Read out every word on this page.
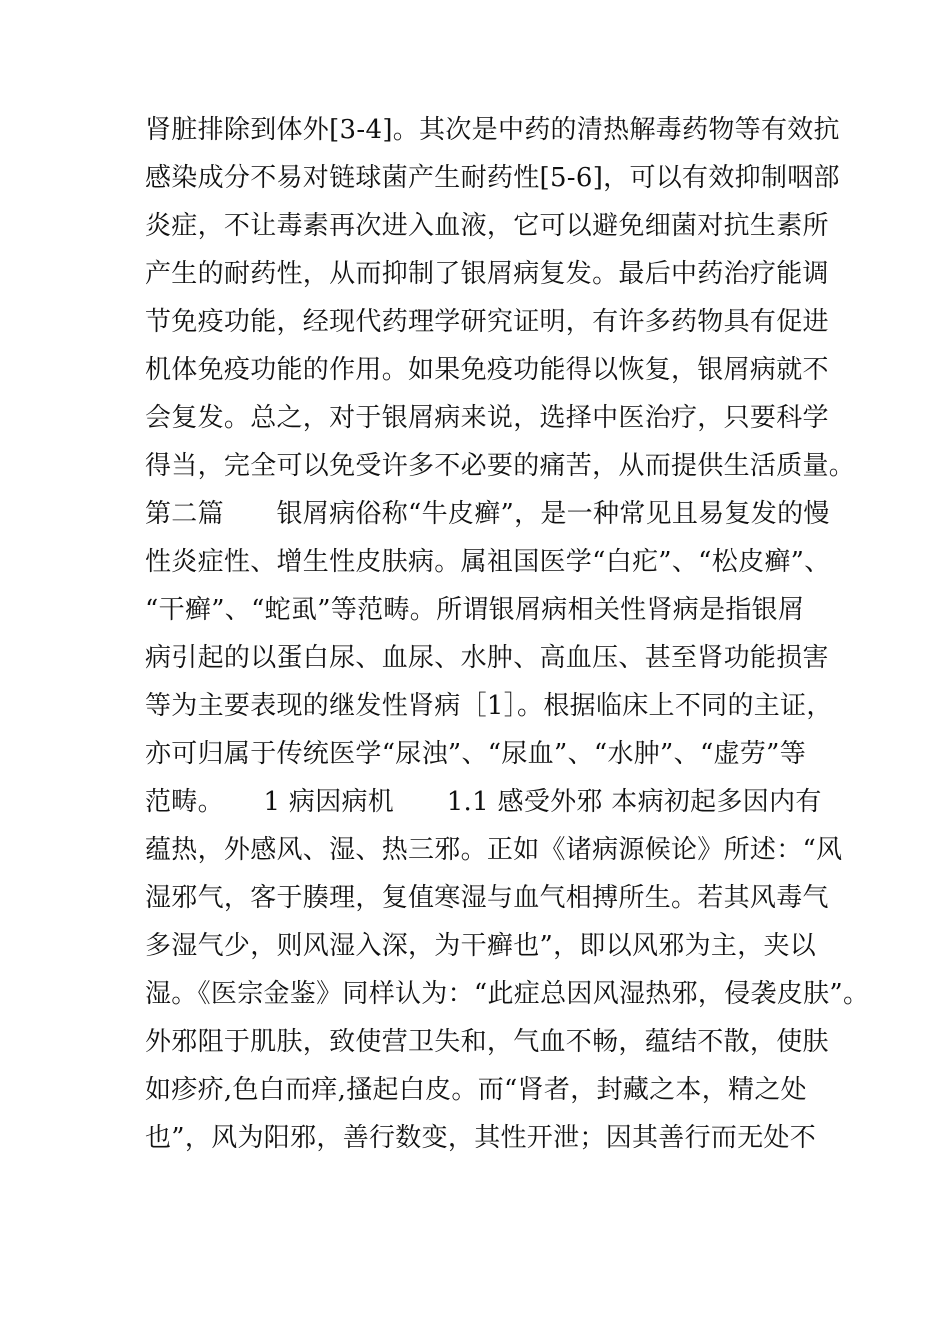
肾脏排除到体外[3-4]。其次是中药的清热解毒药物等有效抗
感染成分不易对链球菌产生耐药性[5-6]，可以有效抑制咽部
炎症，不让毒素再次进入血液，它可以避免细菌对抗生素所
产生的耐药性，从而抑制了银屑病复发。最后中药治疗能调
节免疫功能，经现代药理学研究证明，有许多药物具有促进
机体免疫功能的作用。如果免疫功能得以恢复，银屑病就不
会复发。总之，对于银屑病来说，选择中医治疗，只要科学
得当，完全可以免受许多不必要的痛苦，从而提供生活质量。
第二篇　　银屑病俗称“牛皮癣”，是一种常见且易复发的慢
性炎症性、增生性皮肤病。属祖国医学“白疕”、“松皮癣”、
“干癣”、“蛇虱”等范畴。所谓银屑病相关性肾病是指银屑
病引起的以蛋白尿、血尿、水肿、高血压、甚至肾功能损害
等为主要表现的继发性肾病［1］。根据临床上不同的主证，
亦可归属于传统医学“尿浊”、“尿血”、“水肿”、“虚劳”等
范畴。　　1 病因病机　　1.1 感受外邪 本病初起多因内有
蕴热，外感风、湿、热三邪。正如《诸病源候论》所述：“风
湿邪气，客于腠理，复值寒湿与血气相搏所生。若其风毒气
多湿气少，则风湿入深，为干癣也”，即以风邪为主，夹以
湿。《医宗金鉴》同样认为：“此症总因风湿热邪，侵袭皮肤”。
外邪阻于肌肤，致使营卫失和，气血不畅，蕴结不散，使肤
如疹疥,色白而痒,搔起白皮。而“肾者，封藏之本，精之处
也”，风为阳邪，善行数变，其性开泄；因其善行而无处不
